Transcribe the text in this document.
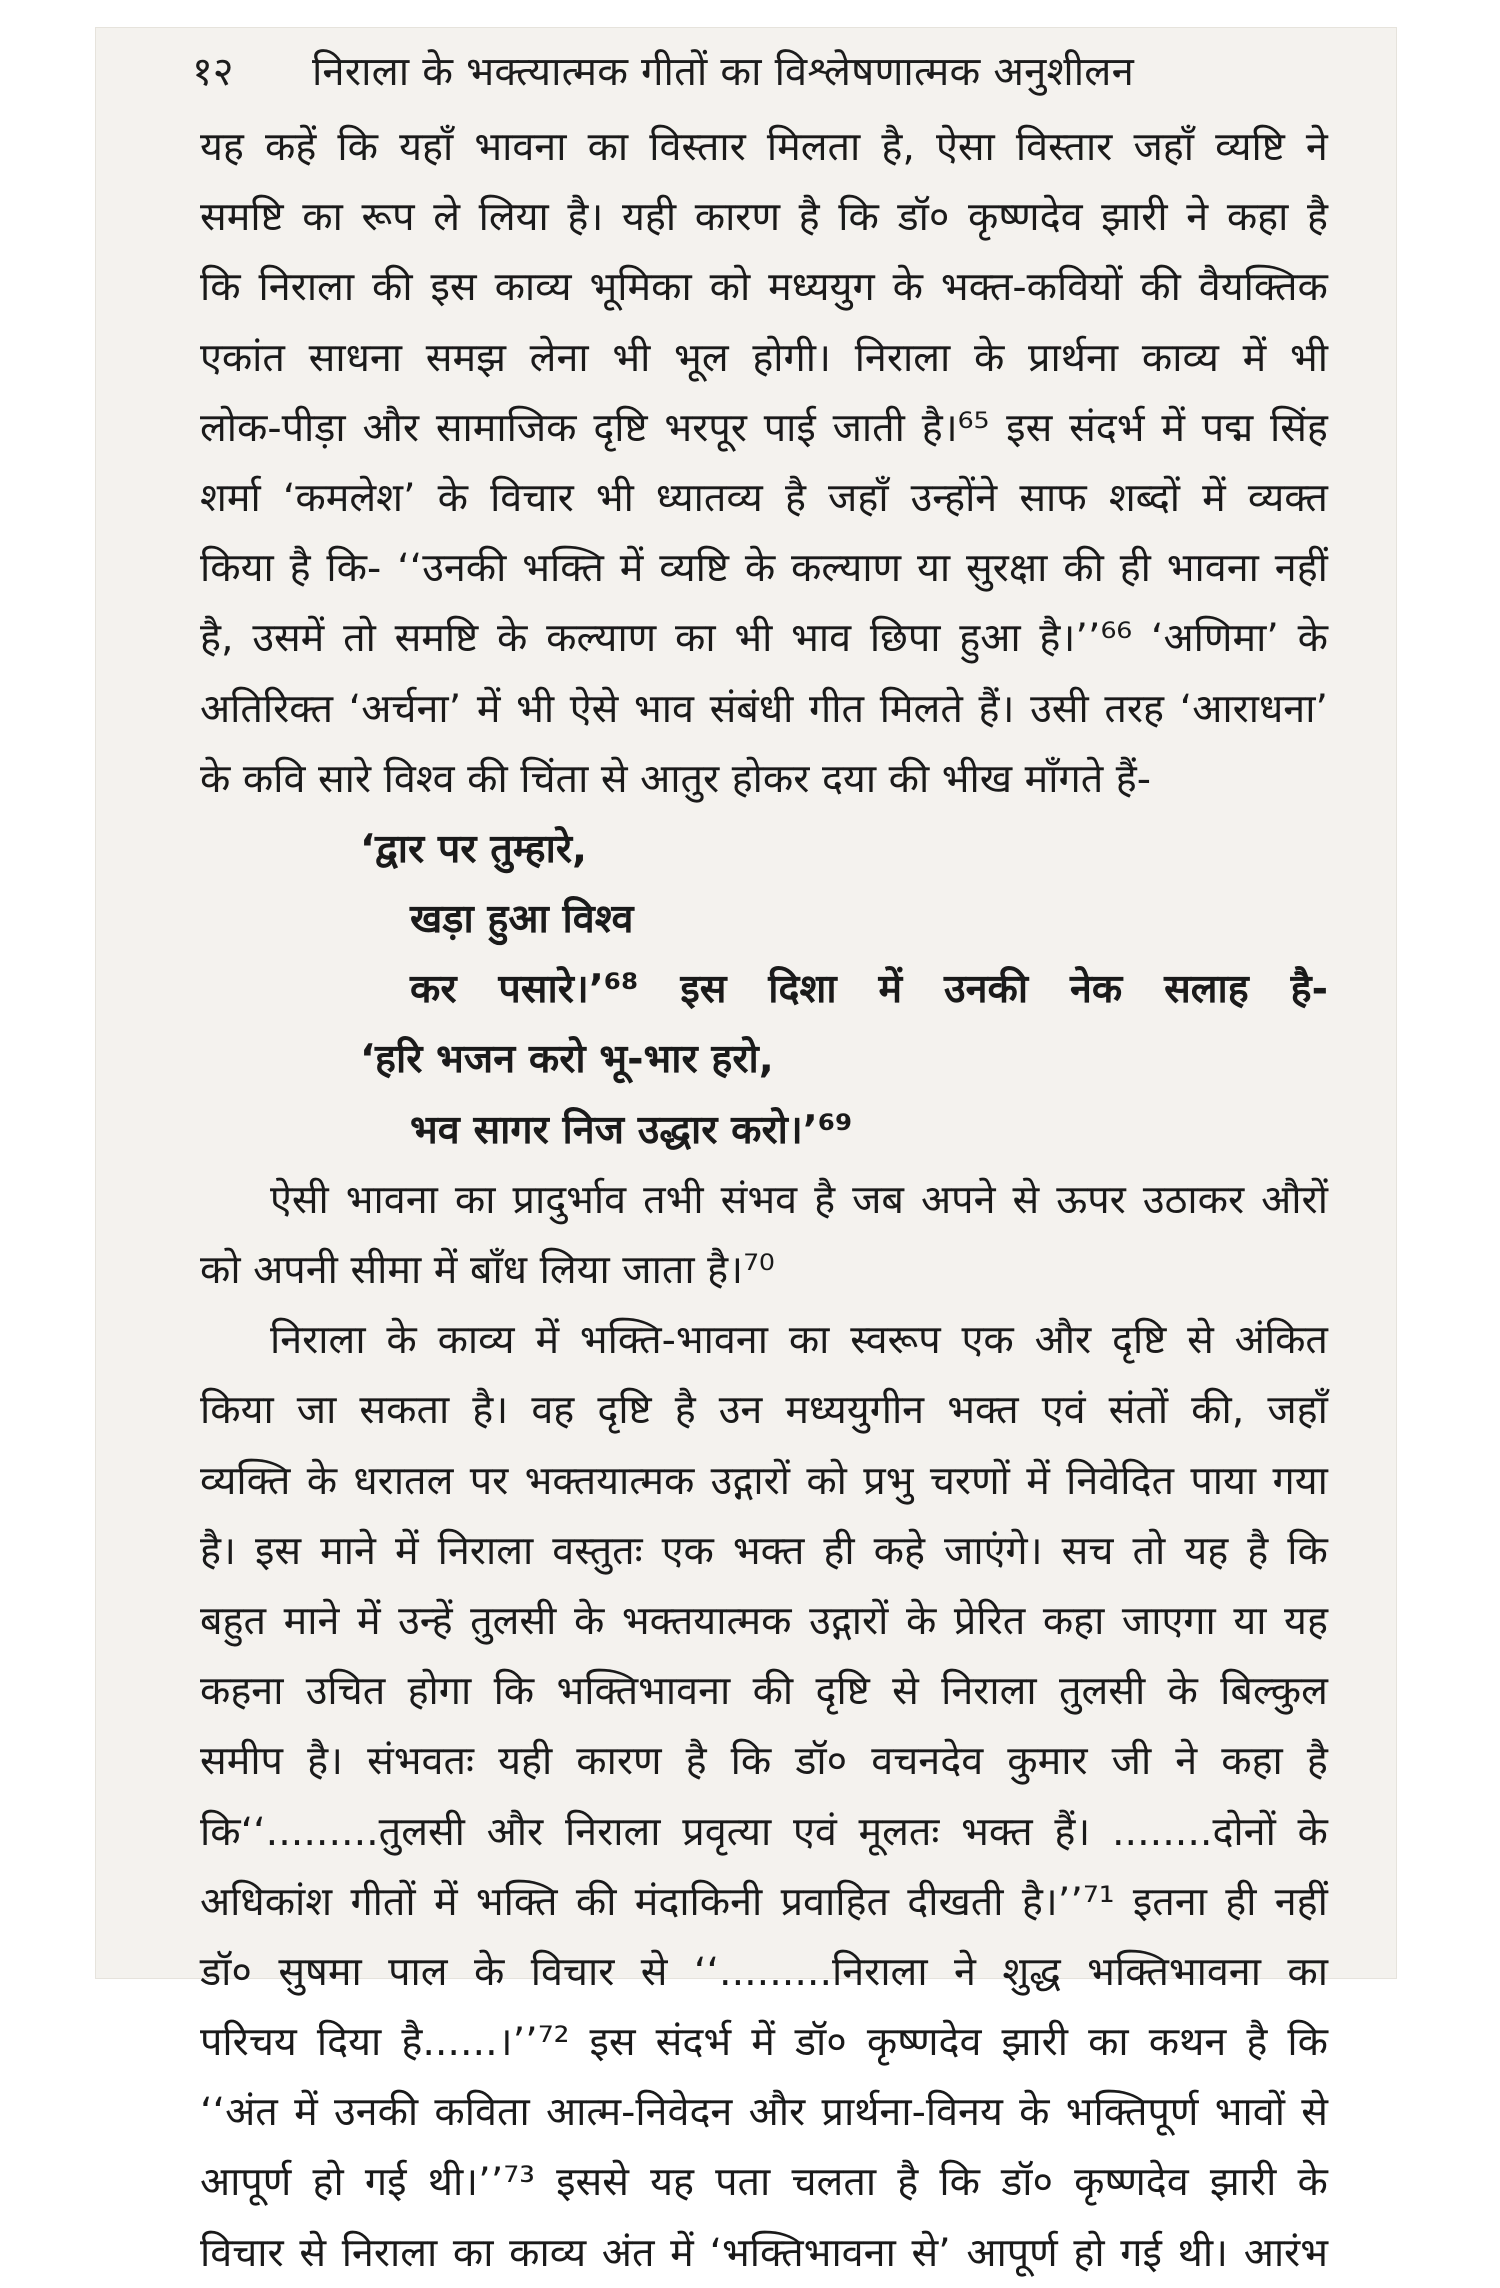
१२	निराला के भक्त्यात्मक गीतों का विश्लेषणात्मक अनुशीलन
यह कहें कि यहाँ भावना का विस्तार मिलता है, ऐसा विस्तार जहाँ व्यष्टि ने
समष्टि का रूप ले लिया है। यही कारण है कि डॉ० कृष्णदेव झारी ने कहा है
कि निराला की इस काव्य भूमिका को मध्ययुग के भक्त-कवियों की वैयक्तिक
एकांत साधना समझ लेना भी भूल होगी। निराला के प्रार्थना काव्य में भी
लोक-पीड़ा और सामाजिक दृष्टि भरपूर पाई जाती है।⁶⁵ इस संदर्भ में पद्म सिंह
शर्मा ‘कमलेश’ के विचार भी ध्यातव्य है जहाँ उन्होंने साफ शब्दों में व्यक्त
किया है कि- ‘‘उनकी भक्ति में व्यष्टि के कल्याण या सुरक्षा की ही भावना नहीं
है, उसमें तो समष्टि के कल्याण का भी भाव छिपा हुआ है।’’⁶⁶ ‘अणिमा’ के
अतिरिक्त ‘अर्चना’ में भी ऐसे भाव संबंधी गीत मिलते हैं। उसी तरह ‘आराधना’
के कवि सारे विश्व की चिंता से आतुर होकर दया की भीख माँगते हैं-
‘द्वार पर तुम्हारे,
खड़ा हुआ विश्व
कर पसारे।’⁶⁸ इस दिशा में उनकी नेक सलाह है-
‘हरि भजन करो भू-भार हरो,
भव सागर निज उद्धार करो।’⁶⁹
ऐसी भावना का प्रादुर्भाव तभी संभव है जब अपने से ऊपर उठाकर औरों
को अपनी सीमा में बाँध लिया जाता है।⁷⁰
निराला के काव्य में भक्ति-भावना का स्वरूप एक और दृष्टि से अंकित
किया जा सकता है। वह दृष्टि है उन मध्ययुगीन भक्त एवं संतों की, जहाँ
व्यक्ति के धरातल पर भक्तयात्मक उद्गारों को प्रभु चरणों में निवेदित पाया गया
है। इस माने में निराला वस्तुतः एक भक्त ही कहे जाएंगे। सच तो यह है कि
बहुत माने में उन्हें तुलसी के भक्तयात्मक उद्गारों के प्रेरित कहा जाएगा या यह
कहना उचित होगा कि भक्तिभावना की दृष्टि से निराला तुलसी के बिल्कुल
समीप है। संभवतः यही कारण है कि डॉ० वचनदेव कुमार जी ने कहा है
कि‘‘.........तुलसी और निराला प्रवृत्या एवं मूलतः भक्त हैं। ........दोनों के
अधिकांश गीतों में भक्ति की मंदाकिनी प्रवाहित दीखती है।’’⁷¹ इतना ही नहीं
डॉ० सुषमा पाल के विचार से ‘‘.........निराला ने शुद्ध भक्तिभावना का
परिचय दिया है......।’’⁷² इस संदर्भ में डॉ० कृष्णदेव झारी का कथन है कि
‘‘अंत में उनकी कविता आत्म-निवेदन और प्रार्थना-विनय के भक्तिपूर्ण भावों से
आपूर्ण हो गई थी।’’⁷³ इससे यह पता चलता है कि डॉ० कृष्णदेव झारी के
विचार से निराला का काव्य अंत में ‘भक्तिभावना से’ आपूर्ण हो गई थी। आरंभ
